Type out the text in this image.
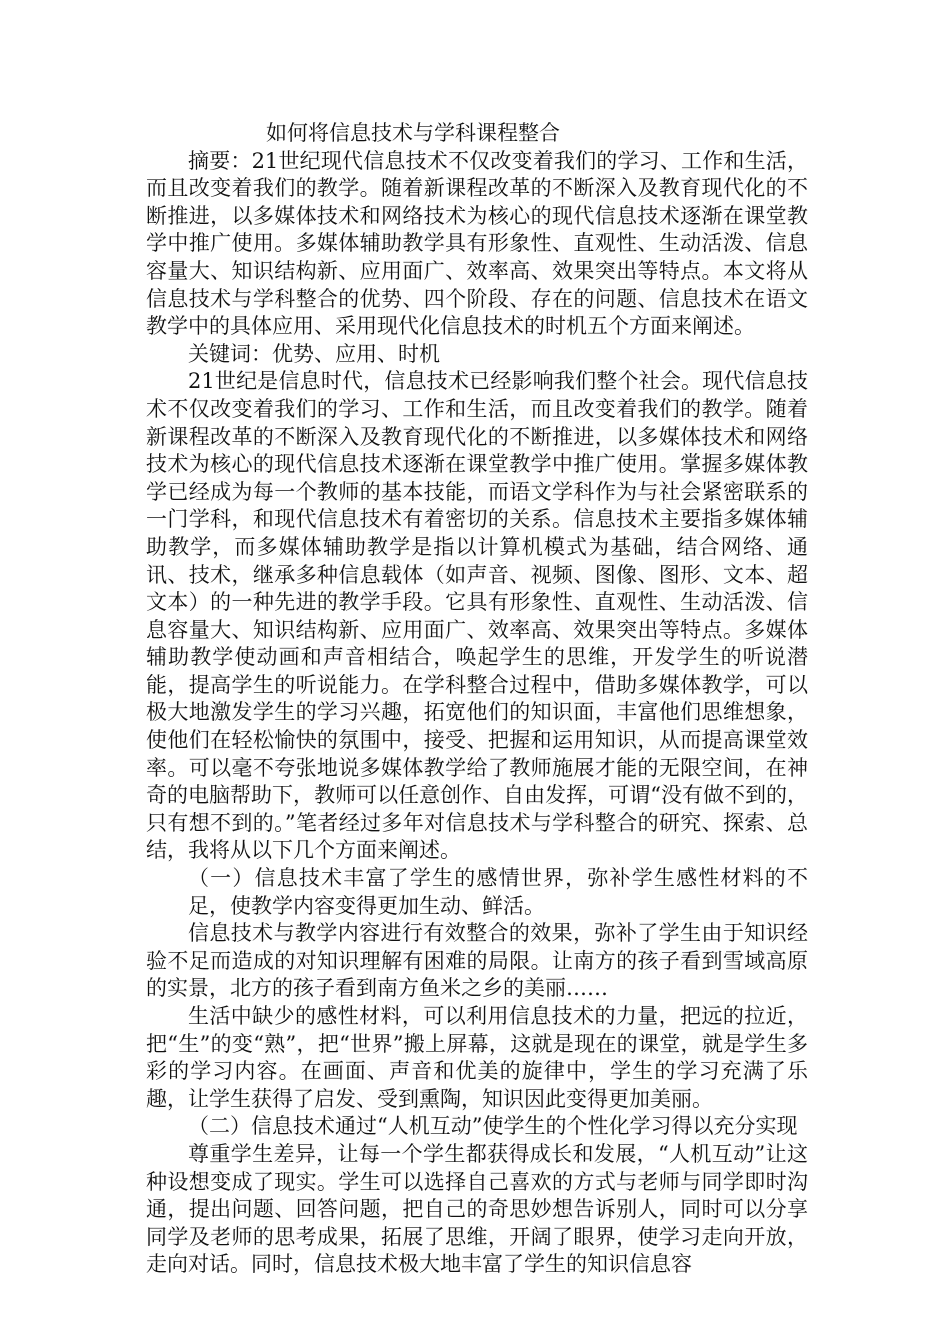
如何将信息技术与学科课程整合

摘要：21世纪现代信息技术不仅改变着我们的学习、工作和生活，而且改变着我们的教学。随着新课程改革的不断深入及教育现代化的不断推进，以多媒体技术和网络技术为核心的现代信息技术逐渐在课堂教学中推广使用。多媒体辅助教学具有形象性、直观性、生动活泼、信息容量大、知识结构新、应用面广、效率高、效果突出等特点。本文将从信息技术与学科整合的优势、四个阶段、存在的问题、信息技术在语文教学中的具体应用、采用现代化信息技术的时机五个方面来阐述。

关键词：优势、应用、时机

21世纪是信息时代，信息技术已经影响我们整个社会。现代信息技术不仅改变着我们的学习、工作和生活，而且改变着我们的教学。随着新课程改革的不断深入及教育现代化的不断推进，以多媒体技术和网络技术为核心的现代信息技术逐渐在课堂教学中推广使用。掌握多媒体教学已经成为每一个教师的基本技能，而语文学科作为与社会紧密联系的一门学科，和现代信息技术有着密切的关系。信息技术主要指多媒体辅助教学，而多媒体辅助教学是指以计算机模式为基础，结合网络、通讯、技术，继承多种信息载体（如声音、视频、图像、图形、文本、超文本）的一种先进的教学手段。它具有形象性、直观性、生动活泼、信息容量大、知识结构新、应用面广、效率高、效果突出等特点。多媒体辅助教学使动画和声音相结合，唤起学生的思维，开发学生的听说潜能，提高学生的听说能力。在学科整合过程中，借助多媒体教学，可以极大地激发学生的学习兴趣，拓宽他们的知识面，丰富他们思维想象，使他们在轻松愉快的氛围中，接受、把握和运用知识，从而提高课堂效率。可以毫不夸张地说多媒体教学给了教师施展才能的无限空间，在神奇的电脑帮助下，教师可以任意创作、自由发挥，可谓“没有做不到的，只有想不到的。”笔者经过多年对信息技术与学科整合的研究、探索、总结，我将从以下几个方面来阐述。

（一）信息技术丰富了学生的感情世界，弥补学生感性材料的不足，使教学内容变得更加生动、鲜活。

信息技术与教学内容进行有效整合的效果，弥补了学生由于知识经验不足而造成的对知识理解有困难的局限。让南方的孩子看到雪域高原的实景，北方的孩子看到南方鱼米之乡的美丽……

生活中缺少的感性材料，可以利用信息技术的力量，把远的拉近，把“生”的变“熟”，把“世界”搬上屏幕，这就是现在的课堂，就是学生多彩的学习内容。在画面、声音和优美的旋律中，学生的学习充满了乐趣，让学生获得了启发、受到熏陶，知识因此变得更加美丽。

（二）信息技术通过“人机互动”使学生的个性化学习得以充分实现

尊重学生差异，让每一个学生都获得成长和发展，“人机互动”让这种设想变成了现实。学生可以选择自己喜欢的方式与老师与同学即时沟通，提出问题、回答问题，把自己的奇思妙想告诉别人，同时可以分享同学及老师的思考成果，拓展了思维，开阔了眼界，使学习走向开放，走向对话。同时，信息技术极大地丰富了学生的知识信息容
